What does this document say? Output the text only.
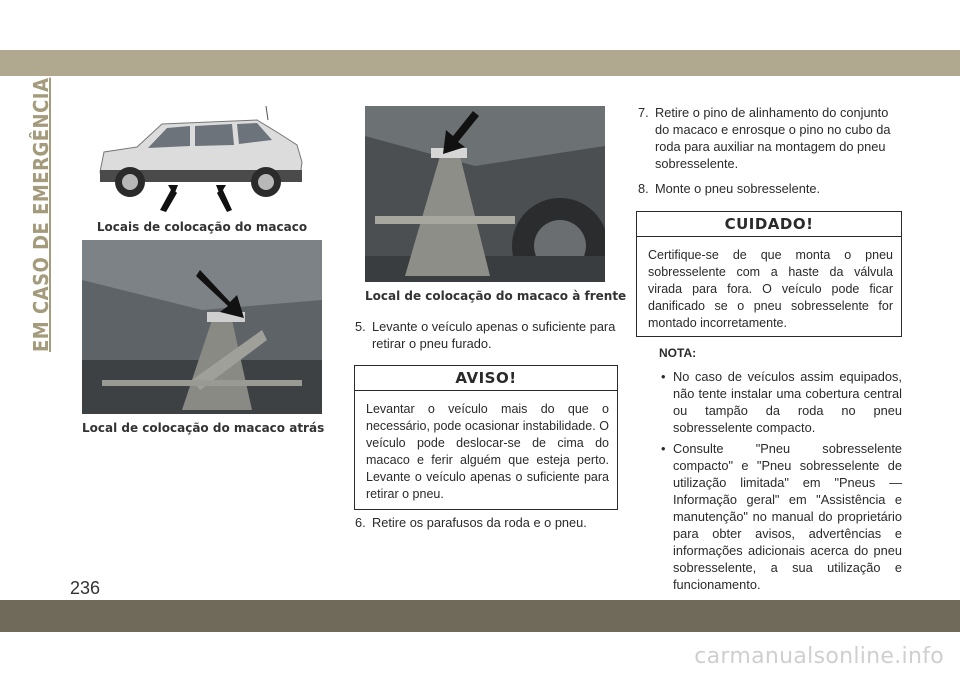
EM CASO DE EMERGÊNCIA	Locais de colocação do macaco
Local de colocação do macaco atrás
Local de colocação do macaco à frente
5. Levante o veículo apenas o suficiente para retirar o pneu furado.
AVISO!
Levantar o veículo mais do que o necessário, pode ocasionar instabilidade. O veículo pode deslocar-se de cima do macaco e ferir alguém que esteja perto. Levante o veículo apenas o suficiente para retirar o pneu.
6. Retire os parafusos da roda e o pneu.
7. Retire o pino de alinhamento do conjunto do macaco e enrosque o pino no cubo da roda para auxiliar na montagem do pneu sobresselente.
8. Monte o pneu sobresselente.
CUIDADO!
Certifique-se de que monta o pneu sobresselente com a haste da válvula virada para fora. O veículo pode ficar danificado se o pneu sobresselente for montado incorretamente.
NOTA:
• No caso de veículos assim equipados, não tente instalar uma cobertura central ou tampão da roda no pneu sobresselente compacto.
• Consulte "Pneu sobresselente compacto" e "Pneu sobresselente de utilização limitada" em "Pneus — Informação geral" em "Assistência e manutenção" no manual do proprietário para obter avisos, advertências e informações adicionais acerca do pneu sobresselente, a sua utilização e funcionamento.
236
carmanualsonline.info
